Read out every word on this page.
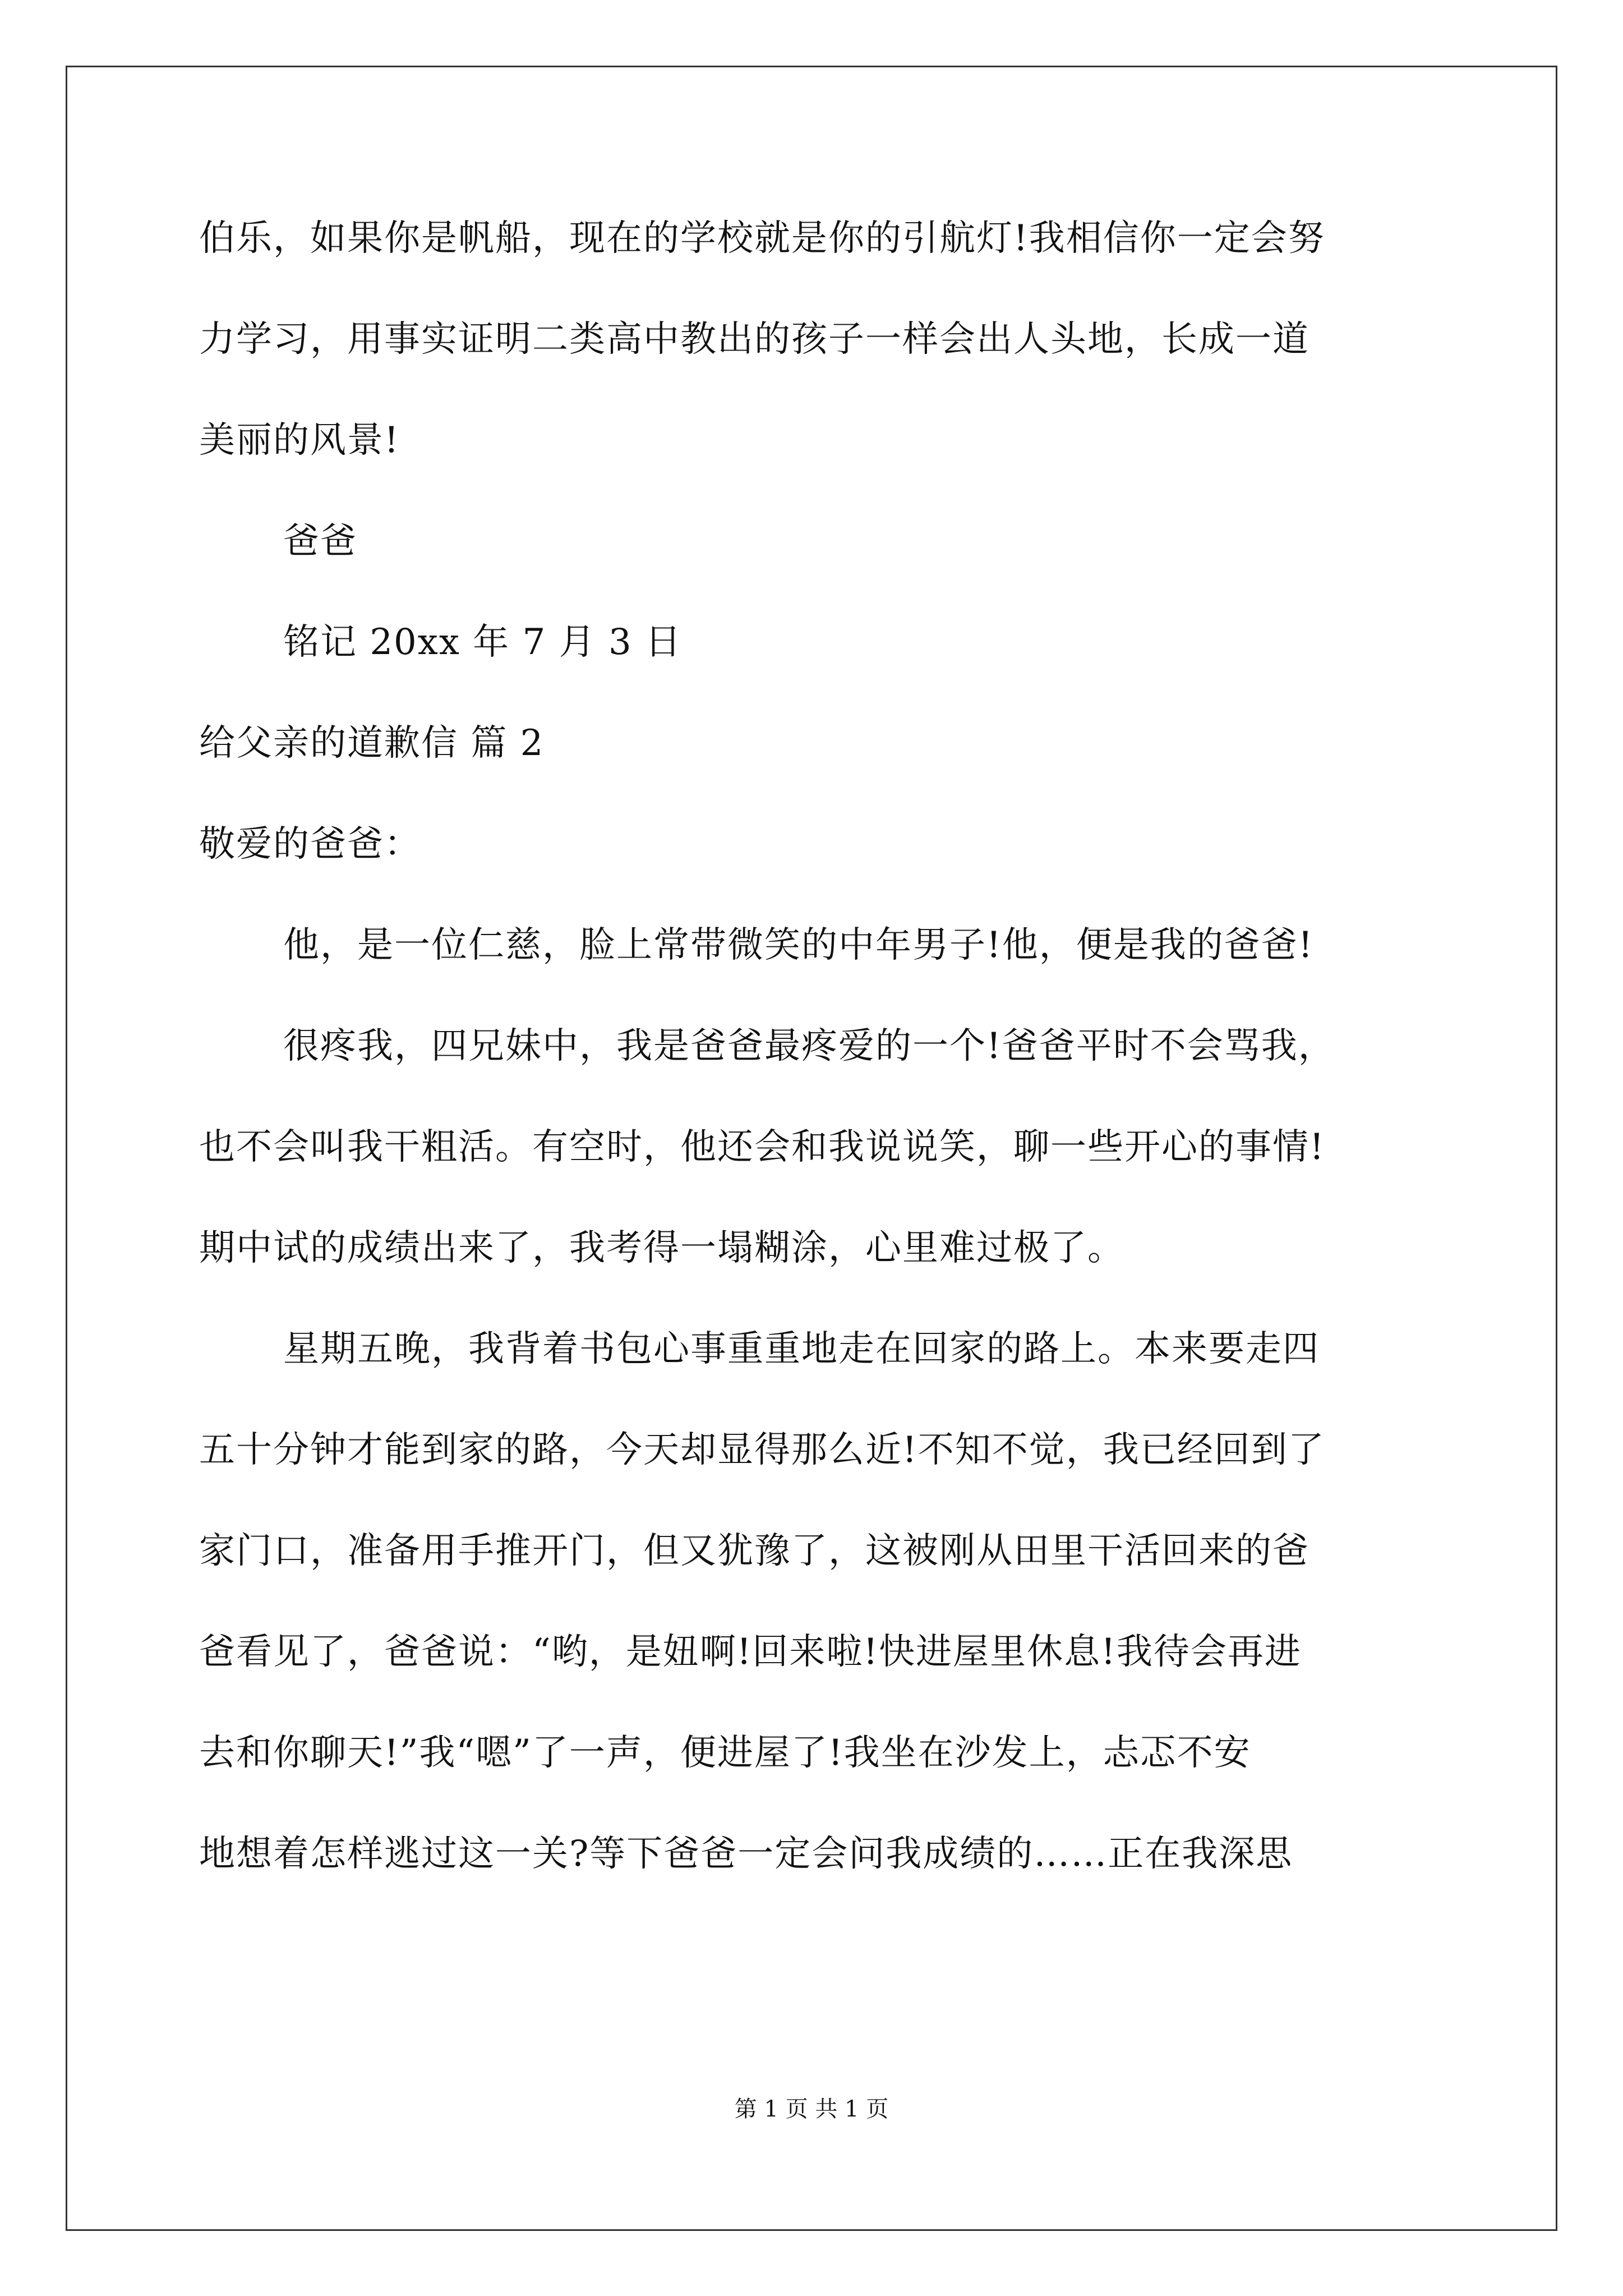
伯乐，如果你是帆船，现在的学校就是你的引航灯!我相信你一定会努
力学习，用事实证明二类高中教出的孩子一样会出人头地，长成一道
美丽的风景!
爸爸
铭记 20xx 年 7 月 3 日
给父亲的道歉信 篇 2
敬爱的爸爸：
他，是一位仁慈，脸上常带微笑的中年男子!他，便是我的爸爸!
很疼我，四兄妹中，我是爸爸最疼爱的一个!爸爸平时不会骂我，
也不会叫我干粗活。有空时，他还会和我说说笑，聊一些开心的事情!
期中试的成绩出来了，我考得一塌糊涂，心里难过极了。
星期五晚，我背着书包心事重重地走在回家的路上。本来要走四
五十分钟才能到家的路，今天却显得那么近!不知不觉，我已经回到了
家门口，准备用手推开门，但又犹豫了，这被刚从田里干活回来的爸
爸看见了，爸爸说：“哟，是妞啊!回来啦!快进屋里休息!我待会再进
去和你聊天!”我“嗯”了一声，便进屋了!我坐在沙发上，忐忑不安
地想着怎样逃过这一关?等下爸爸一定会问我成绩的……正在我深思
第 1 页 共 1 页
